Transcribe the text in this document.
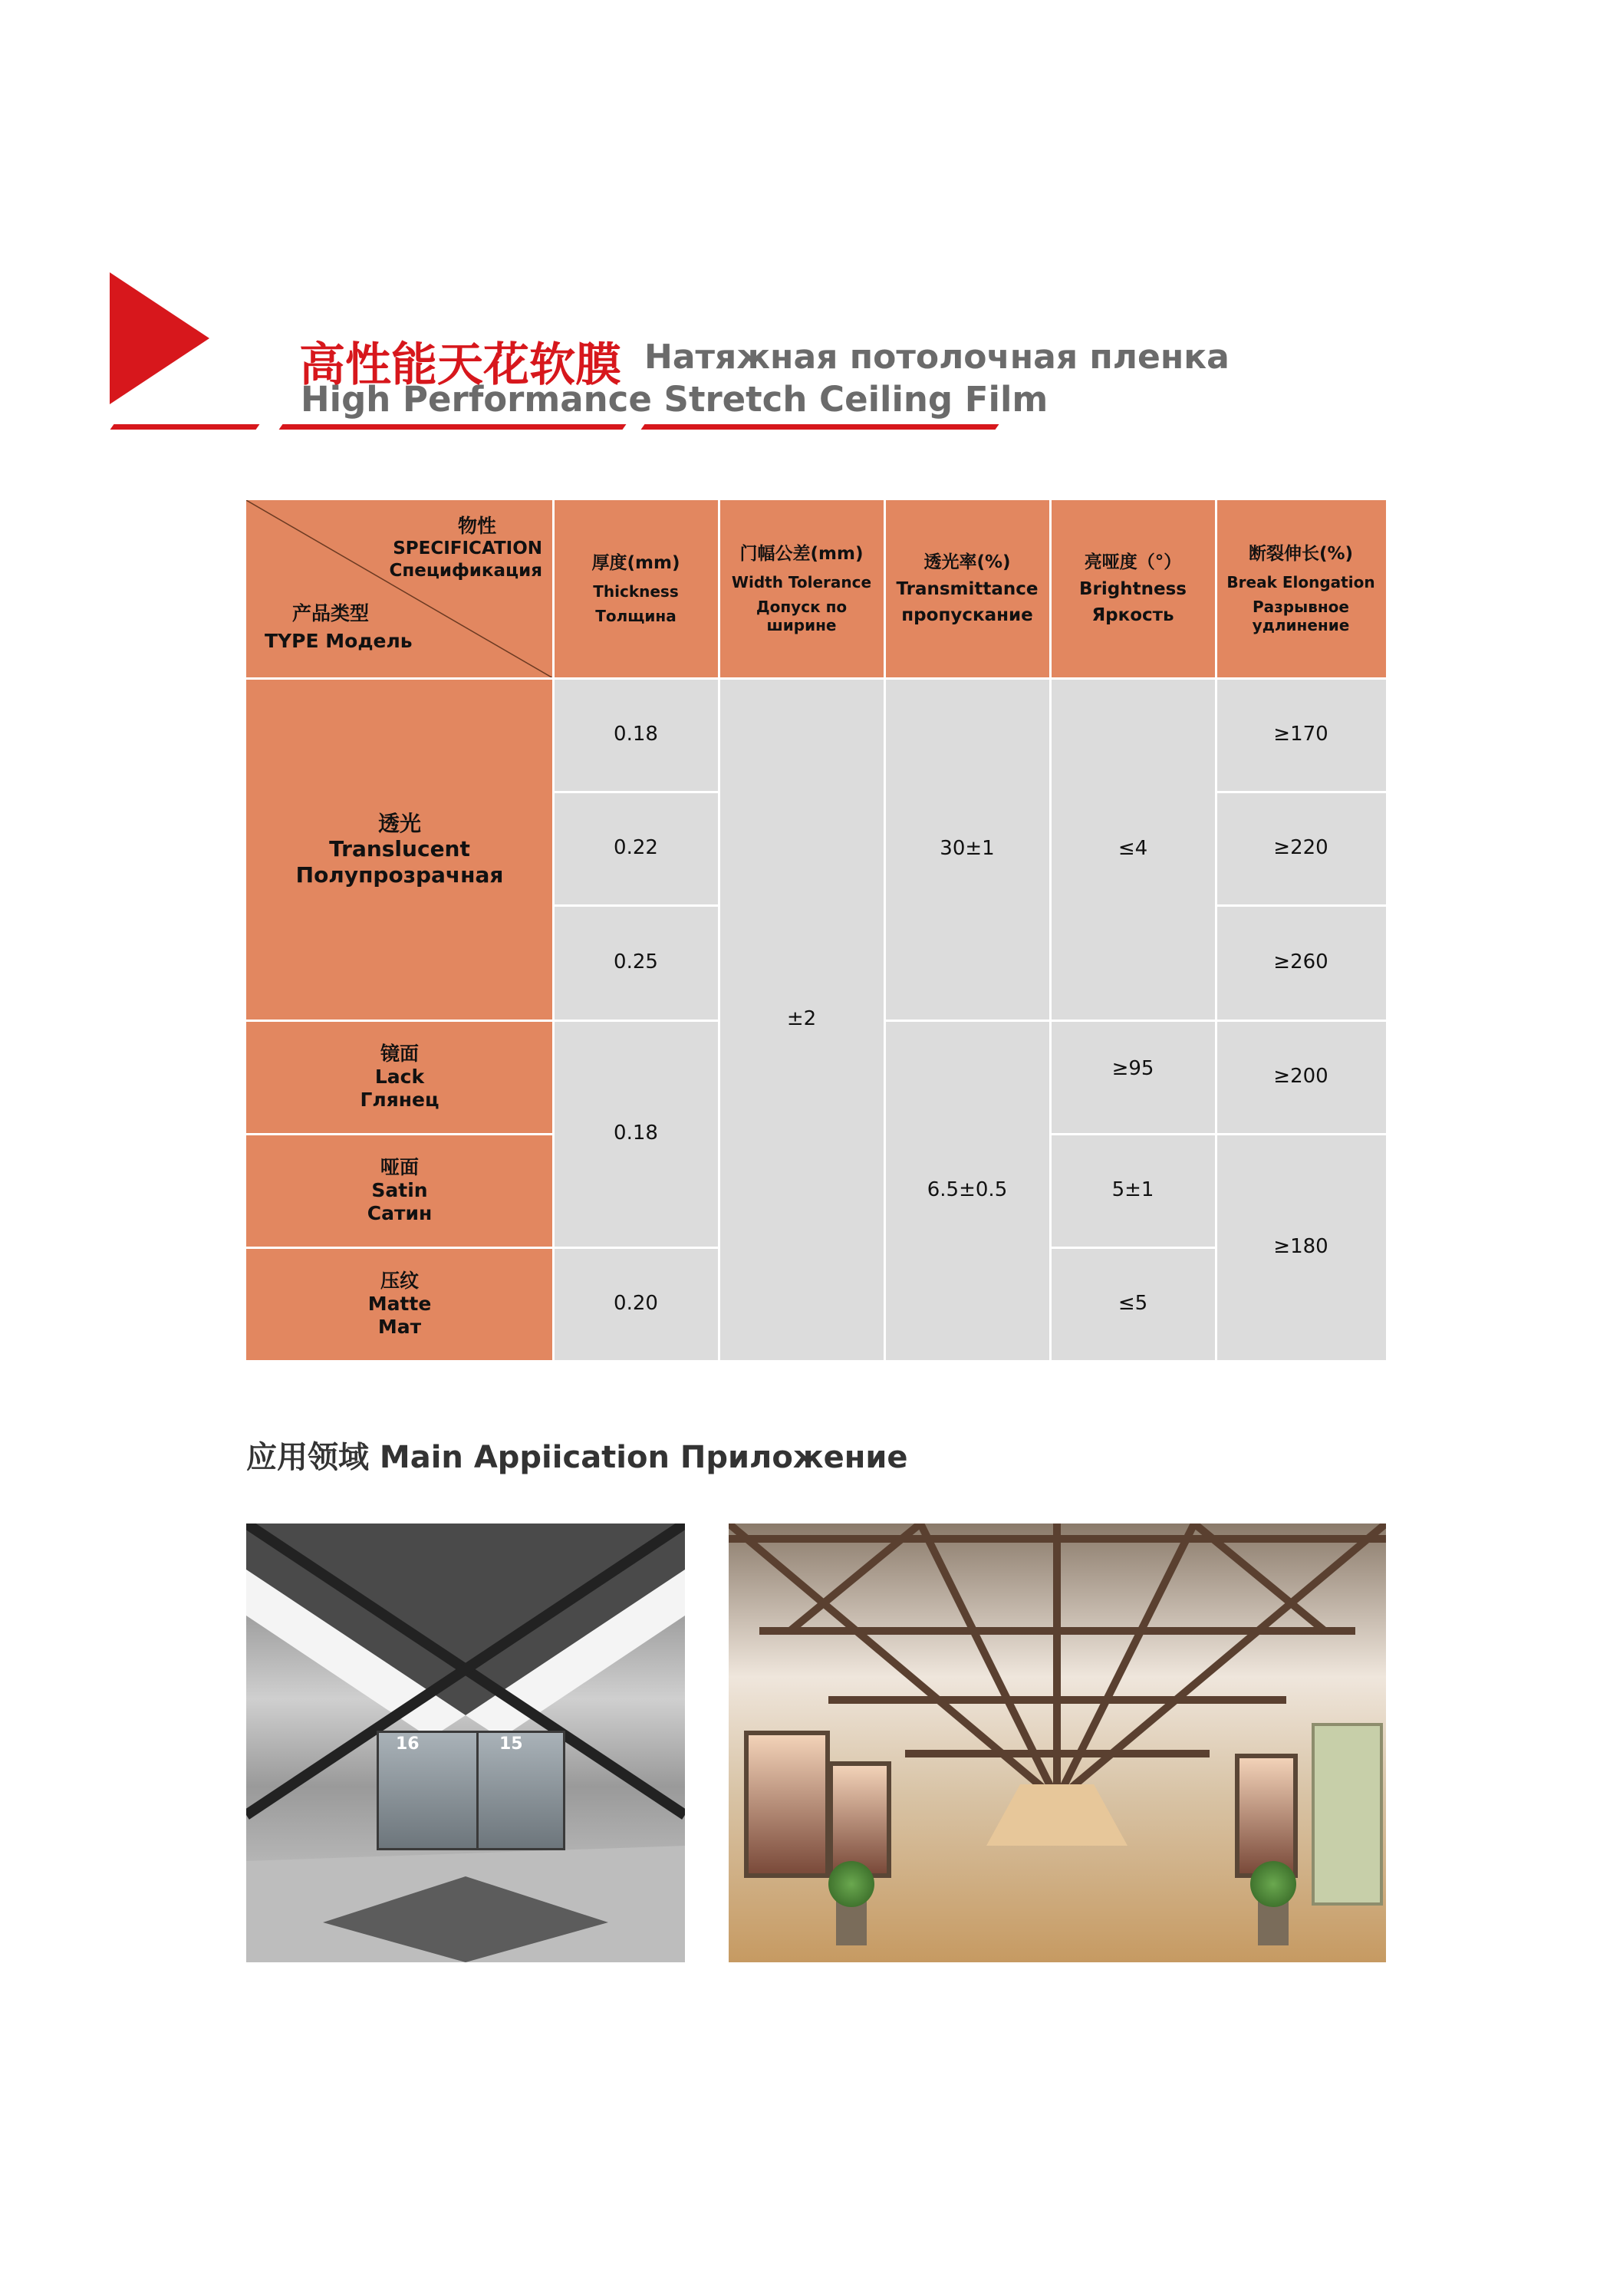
高性能天花软膜 Натяжная потолочная пленка
High Performance Stretch Ceiling Film
物性
SPECIFICATION
Спецификация
产品类型
TYPE Модель
厚度(mm)
Thickness
Толщина
门幅公差(mm)
Width Tolerance
Допуск по ширине
透光率(%)
Transmittance
пропускание
亮哑度（°）
Brightness
Яркость
断裂伸长(%)
Break Elongation
Разрывное удлинение
透光
Translucent
Полупрозрачная
镜面
Lack
Глянец
哑面
Satin
Сатин
压纹
Matte
Мат
0.18
0.22
0.25
0.18
0.20
±2
30±1
6.5±0.5
≤4
≥95
5±1
≤5
≥170
≥220
≥260
≥200
≥180
应用领域 Main Appiication Приложение
16	15
